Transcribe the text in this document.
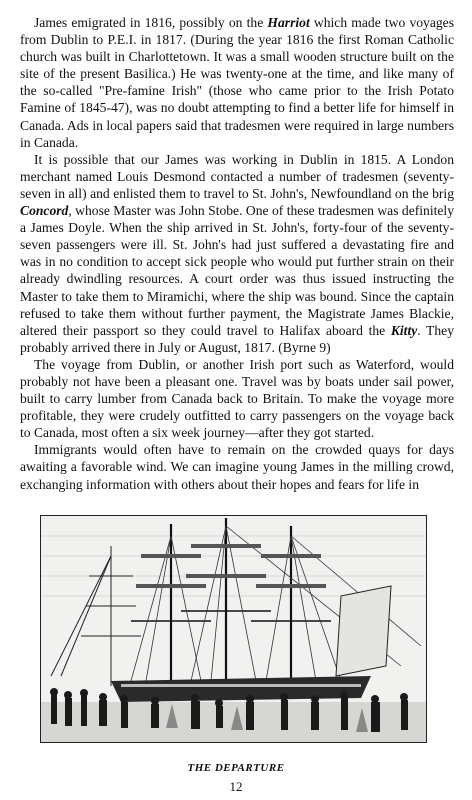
James emigrated in 1816, possibly on the Harriot which made two voyages from Dublin to P.E.I. in 1817. (During the year 1816 the first Roman Catholic church was built in Charlottetown. It was a small wooden structure built on the site of the present Basilica.) He was twenty-one at the time, and like many of the so-called "Pre-famine Irish" (those who came prior to the Irish Potato Famine of 1845-47), was no doubt attempting to find a better life for himself in Canada. Ads in local papers said that tradesmen were required in large numbers in Canada.

It is possible that our James was working in Dublin in 1815. A London merchant named Louis Desmond contacted a number of tradesmen (seventy-seven in all) and enlisted them to travel to St. John's, Newfoundland on the brig Concord, whose Master was John Stobe. One of these tradesmen was definitely a James Doyle. When the ship arrived in St. John's, forty-four of the seventy-seven passengers were ill. St. John's had just suffered a devastating fire and was in no condition to accept sick people who would put further strain on their already dwindling resources. A court order was thus issued instructing the Master to take them to Miramichi, where the ship was bound. Since the captain refused to take them without further payment, the Magistrate James Blackie, altered their passport so they could travel to Halifax aboard the Kitty. They probably arrived there in July or August, 1817. (Byrne 9)

The voyage from Dublin, or another Irish port such as Waterford, would probably not have been a pleasant one. Travel was by boats under sail power, built to carry lumber from Canada back to Britain. To make the voyage more profitable, they were crudely outfitted to carry passengers on the voyage back to Canada, most often a six week journey—after they got started.

Immigrants would often have to remain on the crowded quays for days awaiting a favorable wind. We can imagine young James in the milling crowd, exchanging information with others about their hopes and fears for life in

THE DEPARTURE
12
